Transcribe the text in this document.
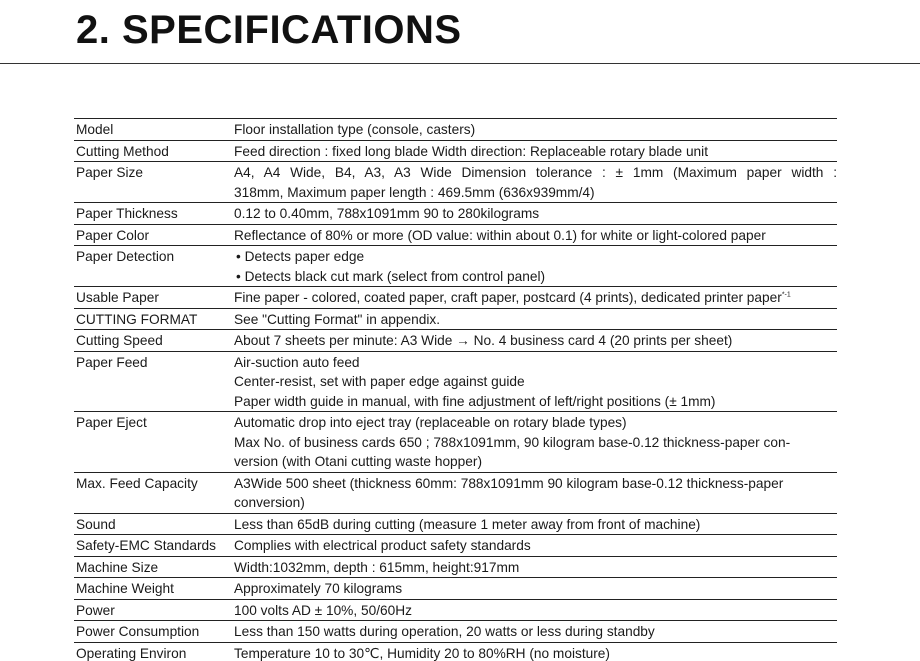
2. SPECIFICATIONS
Model	Floor installation type (console, casters)
Cutting Method	Feed direction : fixed long blade Width direction: Replaceable rotary blade unit
Paper Size	A4, A4 Wide, B4, A3, A3 Wide Dimension tolerance : ± 1mm (Maximum paper width :
318mm, Maximum paper length : 469.5mm (636x939mm/4)

Paper Thickness	0.12 to 0.40mm, 788x1091mm 90 to 280kilograms
Paper Color	Reflectance of 80% or more (OD value: within about 0.1) for white or light-colored paper
Paper Detection	• Detects paper edge
• Detects black cut mark (select from control panel)

Usable Paper	Fine paper - colored, coated paper, craft paper, postcard (4 prints), dedicated printer paper$^{*-1}$
CUTTING FORMAT	See "Cutting Format" in appendix.
Cutting Speed	About 7 sheets per minute: A3 Wide → No. 4 business card 4 (20 prints per sheet)
Paper Feed	Air-suction auto feed
Center-resist, set with paper edge against guide
Paper width guide in manual, with fine adjustment of left/right positions (± 1mm)

Paper Eject	Automatic drop into eject tray (replaceable on rotary blade types)
Max No. of business cards 650 ; 788x1091mm, 90 kilogram base-0.12 thickness-paper con-
version (with Otani cutting waste hopper)

Max. Feed Capacity	A3Wide 500 sheet (thickness 60mm: 788x1091mm 90 kilogram base-0.12 thickness-paper
conversion)

Sound	Less than 65dB during cutting (measure 1 meter away from front of machine)
Safety-EMC Standards	Complies with electrical product safety standards
Machine Size	Width:1032mm, depth : 615mm, height:917mm
Machine Weight	Approximately 70 kilograms
Power	100 volts AD ± 10%, 50/60Hz
Power Consumption	Less than 150 watts during operation, 20 watts or less during standby
Operating Environ	Temperature 10 to 30℃, Humidity 20 to 80%RH (no moisture)
